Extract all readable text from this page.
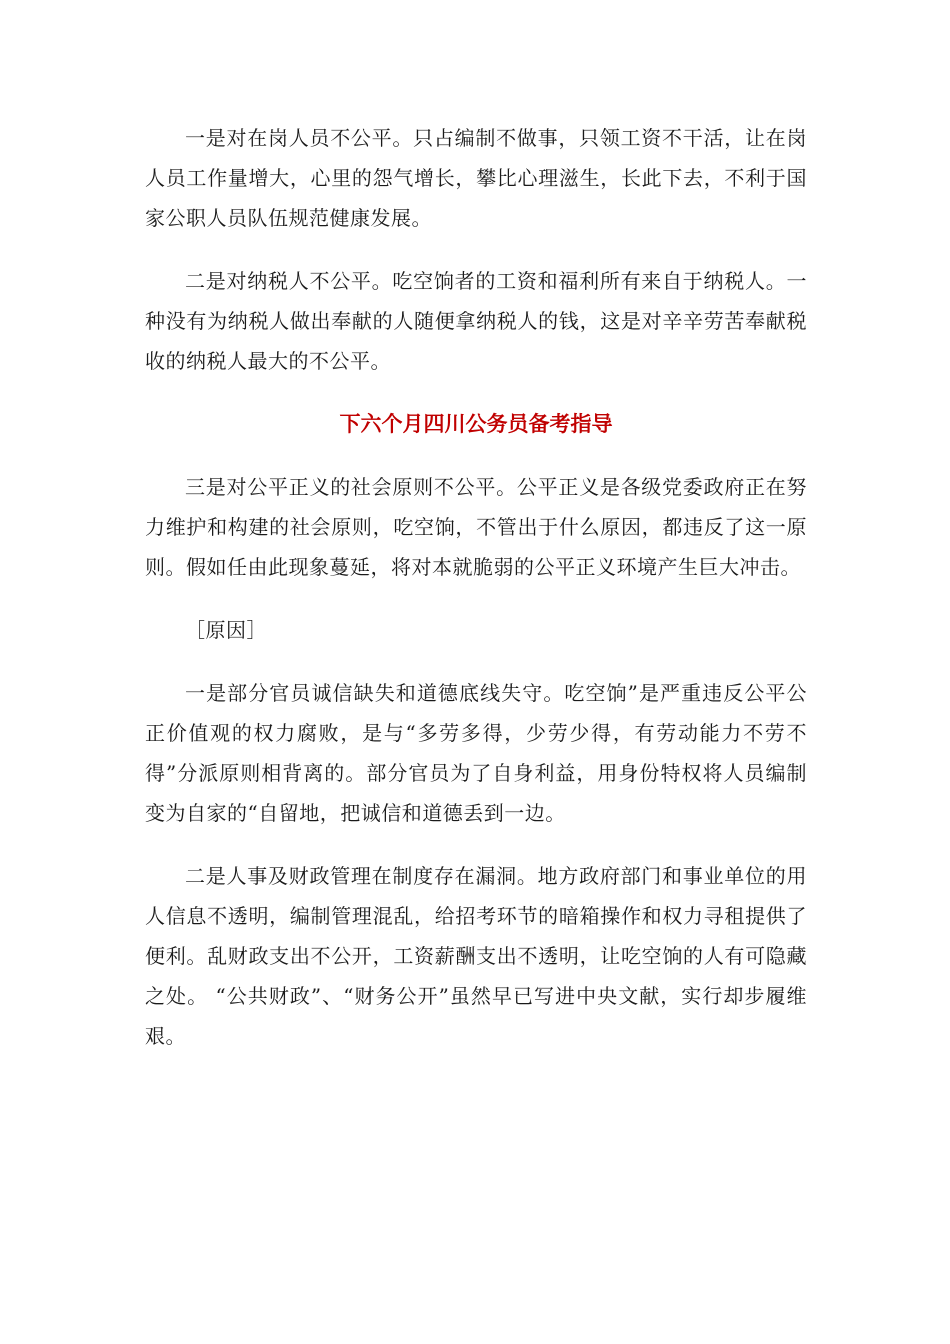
一是对在岗人员不公平。只占编制不做事，只领工资不干活，让在岗人员工作量增大，心里的怨气增长，攀比心理滋生，长此下去，不利于国家公职人员队伍规范健康发展。

二是对纳税人不公平。吃空饷者的工资和福利所有来自于纳税人。一种没有为纳税人做出奉献的人随便拿纳税人的钱，这是对辛辛劳苦奉献税收的纳税人最大的不公平。

下六个月四川公务员备考指导

三是对公平正义的社会原则不公平。公平正义是各级党委政府正在努力维护和构建的社会原则，吃空饷，不管出于什么原因，都违反了这一原则。假如任由此现象蔓延，将对本就脆弱的公平正义环境产生巨大冲击。

［原因］

一是部分官员诚信缺失和道德底线失守。吃空饷”是严重违反公平公正价值观的权力腐败，是与“多劳多得，少劳少得，有劳动能力不劳不得”分派原则相背离的。部分官员为了自身利益，用身份特权将人员编制变为自家的“自留地，把诚信和道德丢到一边。

二是人事及财政管理在制度存在漏洞。地方政府部门和事业单位的用人信息不透明，编制管理混乱，给招考环节的暗箱操作和权力寻租提供了便利。乱财政支出不公开，工资薪酬支出不透明，让吃空饷的人有可隐藏之处。 “公共财政”、“财务公开”虽然早已写进中央文献，实行却步履维艰。
